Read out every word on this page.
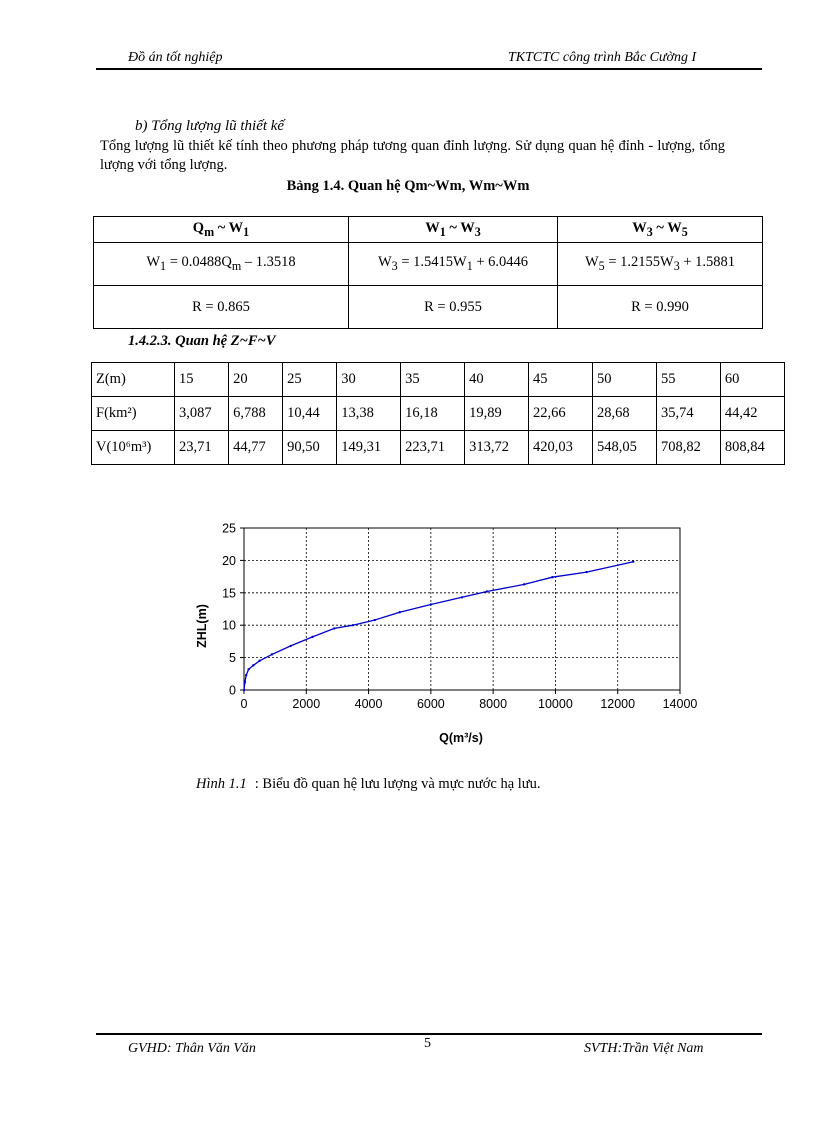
Đồ án tốt nghiệp	TKTCTC công trình Bắc Cường I
b) Tổng lượng lũ thiết kế
Tổng lượng lũ thiết kế tính theo phương pháp tương quan đỉnh lượng. Sử dụng quan hệ đỉnh - lượng, tổng lượng với tổng lượng.
Bảng 1.4. Quan hệ Qm~Wm, Wm~Wm
$Q_m$ ~ $W_1$	$W_1$ ~ $W_3$	$W_3$ ~ $W_5$
$W_1 = 0.0488Q_m - 1.3518$	$W_3 = 1.5415W_1 + 6.0446$	$W_5 = 1.2155W_3 + 1.5881$
R = 0.865	R = 0.955	R = 0.990
1.4.2.3. Quan hệ Z~F~V
Z(m)	15	20	25	30	35	40	45	50	55	60
F(km²)	3,087	6,788	10,44	13,38	16,18	19,89	22,66	28,68	35,74	44,42
V(10⁶m³)	23,71	44,77	90,50	149,31	223,71	313,72	420,03	548,05	708,82	808,84
0	2000	4000	6000	8000 10000 12000 14000
0
5
10
15
20
25
Q(m³/s)
ZHL(m)
Hình 1.1 : Biểu đồ quan hệ lưu lượng và mực nước hạ lưu.
GVHD: Thân Văn Văn	5	SVTH:Trần Việt Nam
